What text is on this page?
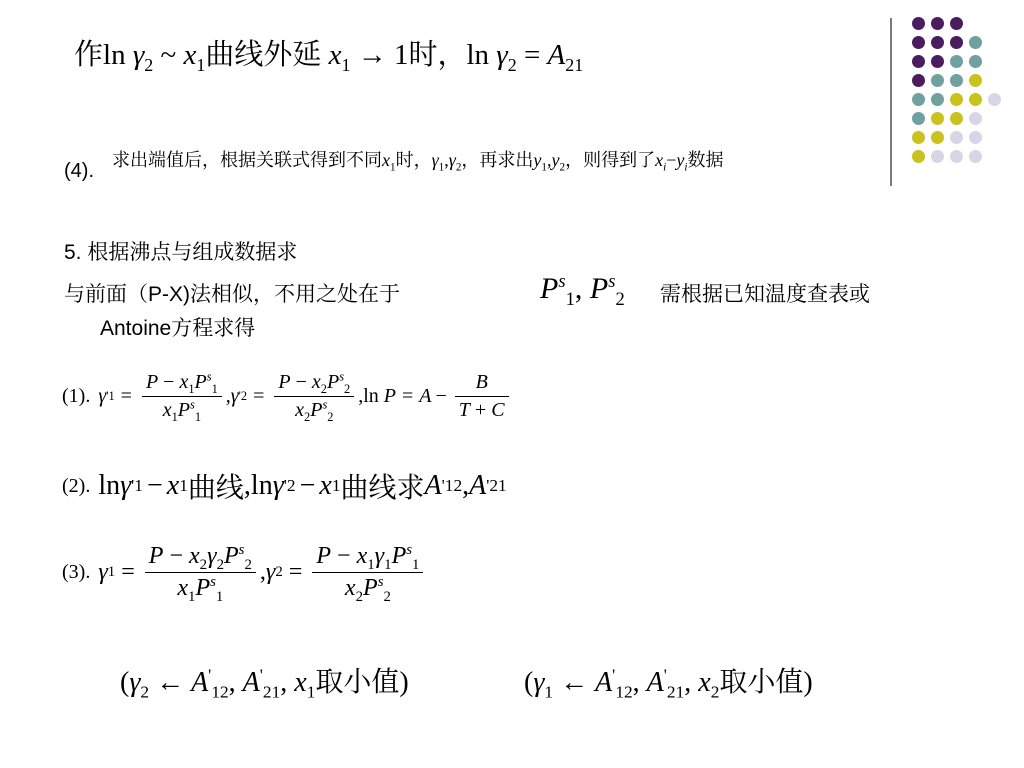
作$\ln \gamma_2$ ~ $x_1$曲线外延 $x_1 \to 1$时，$\ln \gamma_2 = A_{21}$
(4). 求出端值后，根据关联式得到不同$x_1$时，$\gamma_1,\gamma_2$，再求出$y_1,y_2$，则得到了$x_i-y_i$数据
5. 根据沸点与组成数据求
与前面（P-X)法相似，不用之处在于	$P^s_1$, $P^s_2$ 需根据已知温度查表或
Antoine方程求得
(1). γ ' $1 = \frac{P - x_1P^s_1}{x_1P^s_1}$ , γ ' $2 = \frac{P - x_2P^s_2}{x_2P^s_2}$ , ln
$P = A - \frac{B}{T + C}$
(2). ln γ ' 1 − x 1 曲线 , ln γ ' 2 − x 1 曲线求 A ' 12 , A ' 21
(3). γ $1 = \frac{P - x_2\gamma_2P^s_2}{x_1P^s_1}$ , γ $2 = \frac{P - x_1\gamma_1P^s_1}{x_2P^s_2}$
($\gamma_2$ ← $A'_{12}$, $A'_{21}$, $x_1$取小值)	($\gamma_1$ ← $A'_{12}$, $A'_{21}$, $x_2$取小值)
